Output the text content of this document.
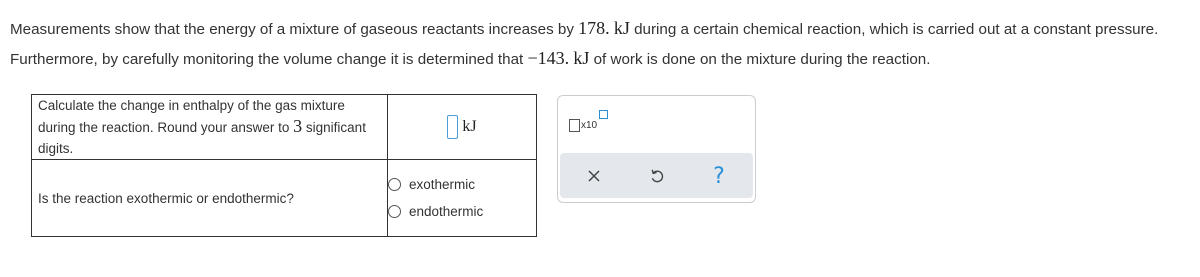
Measurements show that the energy of a mixture of gaseous reactants increases by 178. kJ during a certain chemical reaction, which is carried out at a constant pressure. Furthermore, by carefully monitoring the volume change it is determined that −143. kJ of work is done on the mixture during the reaction.
Calculate the change in enthalpy of the gas mixture during the reaction. Round your answer to 3 significant digits.	kJ

Is the reaction exothermic or endothermic?	exothermic
endothermic
x10
?
